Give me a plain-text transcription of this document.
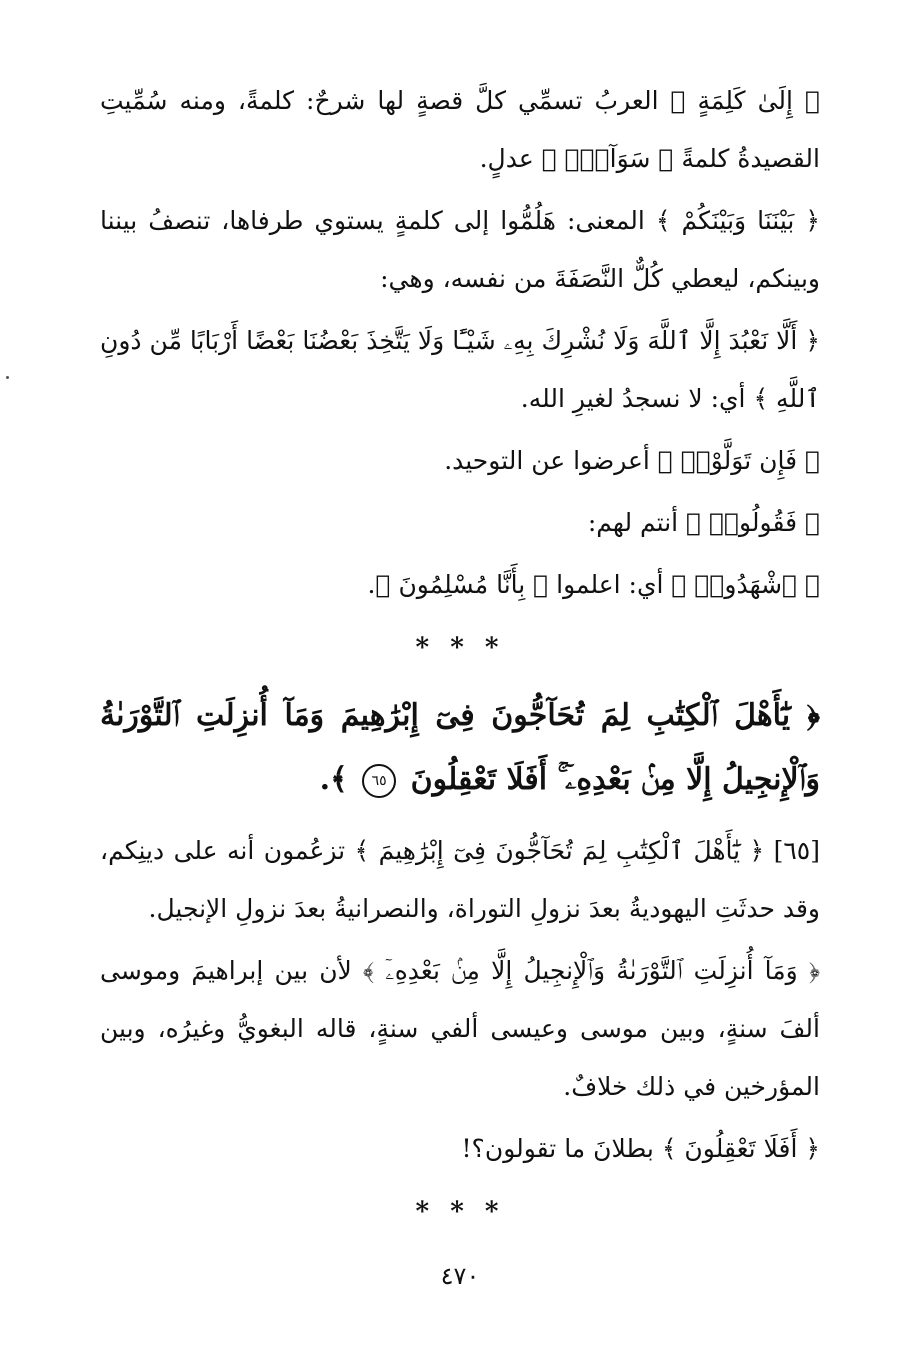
﴿ إِلَىٰ كَلِمَةٍ ﴾ العربُ تسمِّي كلَّ قصةٍ لها شرحٌ: كلمةً، ومنه سُمِّيتِ القصيدةُ كلمةً ﴿ سَوَآءِۭ ﴾ عدلٍ.

﴿ بَيْنَنَا وَبَيْنَكُمْ ﴾ المعنى: هَلُمُّوا إلى كلمةٍ يستوي طرفاها، تنصفُ بيننا وبينكم، ليعطي كُلٌّ النَّصَفَةَ من نفسه، وهي:

﴿ أَلَّا نَعْبُدَ إِلَّا ٱللَّهَ وَلَا نُشْرِكَ بِهِۦ شَيْـًٔا وَلَا يَتَّخِذَ بَعْضُنَا بَعْضًا أَرْبَابًا مِّن دُونِ ٱللَّهِ ﴾ أي: لا نسجدُ لغيرِ الله.

﴿ فَإِن تَوَلَّوْا۟ ﴾ أعرضوا عن التوحيد.

﴿ فَقُولُوا۟ ﴾ أنتم لهم:

﴿ ٱشْهَدُوا۟ ﴾ أي: اعلموا ﴿ بِأَنَّا مُسْلِمُونَ ﴾.

* * *

﴿ يَٰٓأَهْلَ ٱلْكِتَٰبِ لِمَ تُحَآجُّونَ فِىٓ إِبْرَٰهِيمَ وَمَآ أُنزِلَتِ ٱلتَّوْرَىٰةُ وَٱلْإِنجِيلُ إِلَّا مِنۢ بَعْدِهِۦٓ ۚ أَفَلَا تَعْقِلُونَ ٦٥ ﴾.

[٦٥] ﴿ يَٰٓأَهْلَ ٱلْكِتَٰبِ لِمَ تُحَآجُّونَ فِىٓ إِبْرَٰهِيمَ ﴾ تزعُمون أنه على دينِكم، وقد حدثَتِ اليهوديةُ بعدَ نزولِ التوراة، والنصرانيةُ بعدَ نزولِ الإنجيل.

﴿ وَمَآ أُنزِلَتِ ٱلتَّوْرَىٰةُ وَٱلْإِنجِيلُ إِلَّا مِنۢ بَعْدِهِۦٓ ﴾ لأن بين إبراهيمَ وموسى ألفَ سنةٍ، وبين موسى وعيسى ألفي سنةٍ، قاله البغويُّ وغيرُه، وبين المؤرخين في ذلك خلافٌ.

﴿ أَفَلَا تَعْقِلُونَ ﴾ بطلانَ ما تقولون؟!

* * *
٤٧٠
